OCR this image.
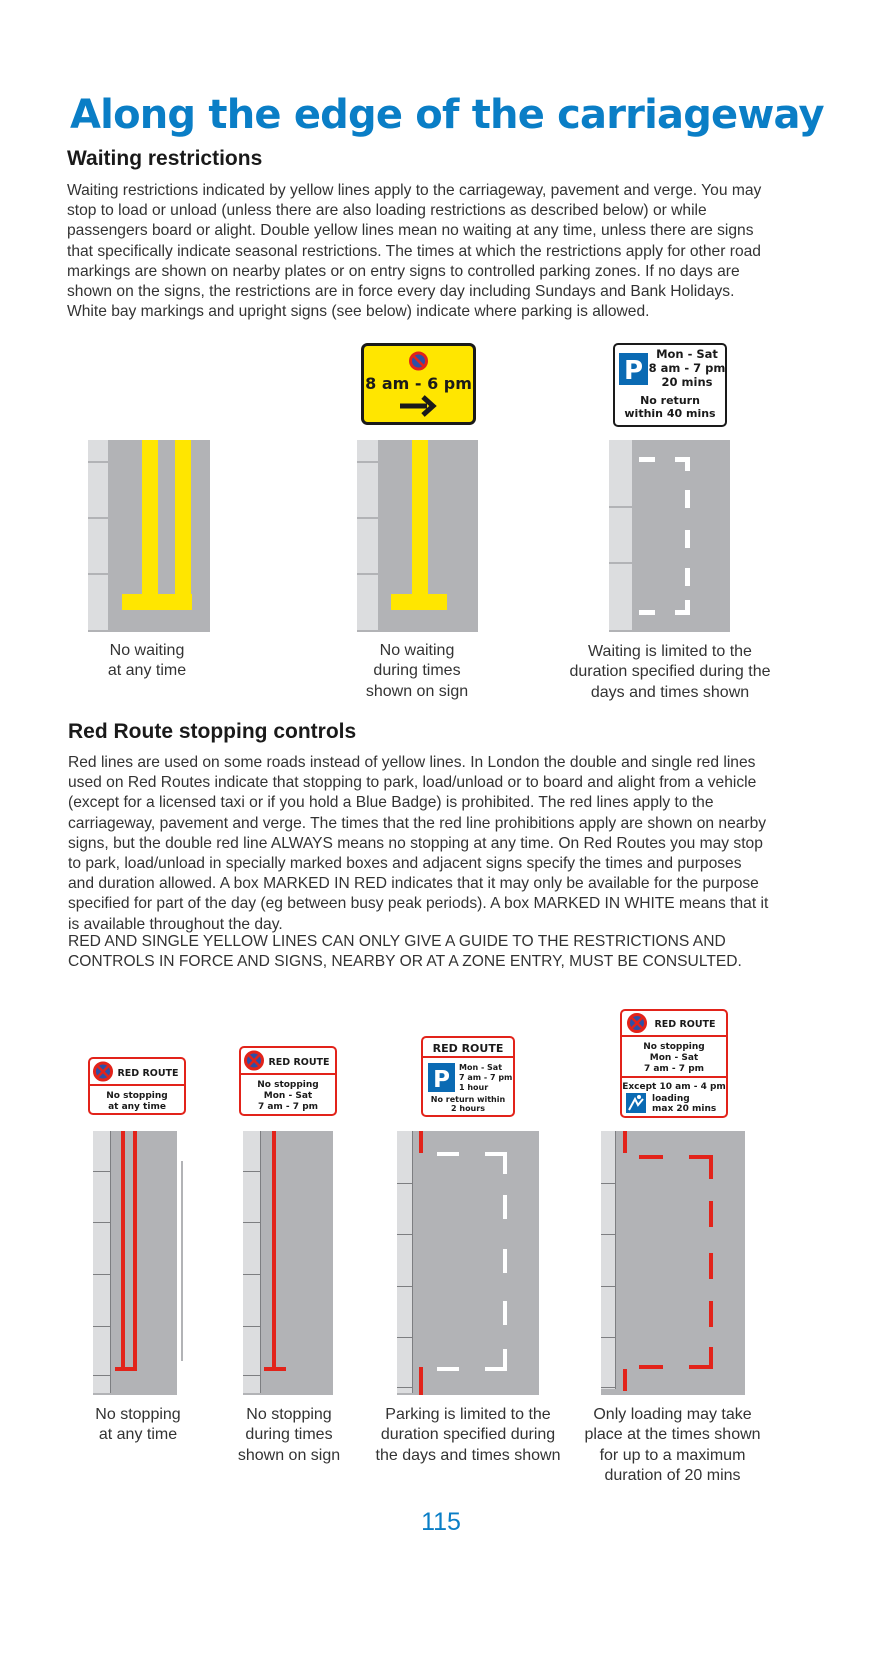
Along the edge of the carriageway
Waiting restrictions
Waiting restrictions indicated by yellow lines apply to the carriageway, pavement and verge. You may stop to load or unload (unless there are also loading restrictions as described below) or while passengers board or alight. Double yellow lines mean no waiting at any time, unless there are signs that specifically indicate seasonal restrictions. The times at which the restrictions apply for other road markings are shown on nearby plates or on entry signs to controlled parking zones. If no days are shown on the signs, the restrictions are in force every day including Sundays and Bank Holidays. White bay markings and upright signs (see below) indicate where parking is allowed.
8 am - 6 pm	P
Mon - Sat
8 am - 7 pm
20 mins
No return
within 40 mins
No waiting
at any time
No waiting
during times
shown on sign
Waiting is limited to the
duration specified during the
days and times shown
Red Route stopping controls
Red lines are used on some roads instead of yellow lines. In London the double and single red lines used on Red Routes indicate that stopping to park, load/unload or to board and alight from a vehicle (except for a licensed taxi or if you hold a Blue Badge) is prohibited. The red lines apply to the carriageway, pavement and verge. The times that the red line prohibitions apply are shown on nearby signs, but the double red line ALWAYS means no stopping at any time. On Red Routes you may stop to park, load/unload in specially marked boxes and adjacent signs specify the times and purposes and duration allowed. A box MARKED IN RED indicates that it may only be available for the purpose specified for part of the day (eg between busy peak periods). A box MARKED IN WHITE means that it is available throughout the day.
RED AND SINGLE YELLOW LINES CAN ONLY GIVE A GUIDE TO THE RESTRICTIONS AND CONTROLS IN FORCE AND SIGNS, NEARBY OR AT A ZONE ENTRY, MUST BE CONSULTED.
RED ROUTE
No stopping
at any time
RED ROUTE
No stopping
Mon - Sat
7 am - 7 pm
RED ROUTE
P Mon - Sat
7 am - 7 pm
1 hour
No return within
2 hours
RED ROUTE
No stopping
Mon - Sat
7 am - 7 pm
Except 10 am - 4 pm
loading
max 20 mins
No stopping
at any time
No stopping
during times
shown on sign
Parking is limited to the
duration specified during
the days and times shown
Only loading may take
place at the times shown
for up to a maximum
duration of 20 mins
115
